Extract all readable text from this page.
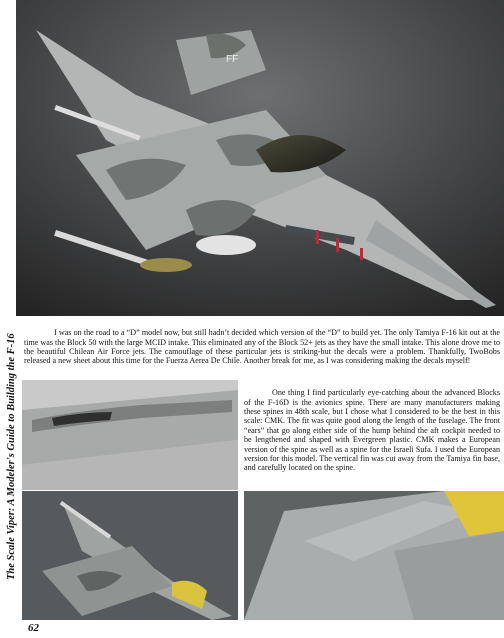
The Scale Viper: A Modeler's Guide to Building the F-16
FF

I was on the road to a “D” model now, but still hadn’t decided which version of the “D” to build yet. The only Tamiya F-16 kit out at the time was the Block 50 with the large MCID intake. This eliminated any of the Block 52+ jets as they have the small intake. This alone drove me to the beautiful Chilean Air Force jets. The camouflage of these particular jets is striking-but the decals were a problem. Thankfully, TwoBobs released a new sheet about this time for the Fuerza Aerea De Chile. Another break for me, as I was considering making the decals myself!

One thing I find particularly eye-catching about the advanced Blocks of the F-16D is the avionics spine. There are many manufacturers making these spines in 48th scale, but I chose what I considered to be the best in this scale: CMK. The fit was quite good along the length of the fuselage. The front “ears” that go along either side of the hump behind the aft cockpit needed to be lengthened and shaped with Evergreen plastic. CMK makes a European version of the spine as well as a spine for the Israeli Sufa. I used the European version for this model. The vertical fin was cut away from the Tamiya fin base, and carefully located on the spine.

62
